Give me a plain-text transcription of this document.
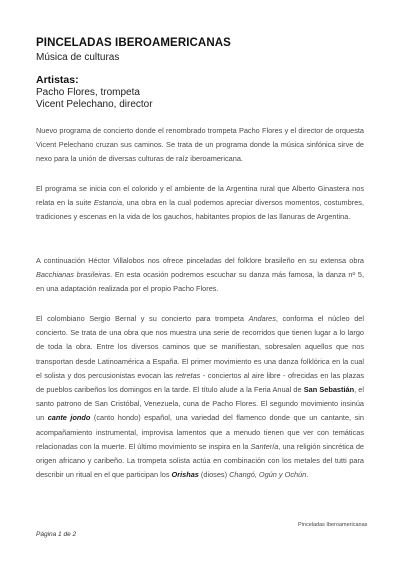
PINCELADAS IBEROAMERICANAS
Música de culturas
Artistas:
Pacho Flores, trompeta
Vicent Pelechano, director
Nuevo programa de concierto donde el renombrado trompeta Pacho Flores y el director de orquesta Vicent Pelechano cruzan sus caminos. Se trata de un programa donde la música sinfónica sirve de nexo para la unión de diversas culturas de raíz iberoamericana.
El programa se inicia con el colorido y el ambiente de la Argentina rural que Alberto Ginastera nos relata en la suite Estancia, una obra en la cual podemos apreciar diversos momentos, costumbres, tradiciones y escenas en la vida de los gauchos, habitantes propios de las llanuras de Argentina.
A continuación Héctor Villalobos nos ofrece pinceladas del folklore brasileño en su extensa obra Bacchianas brasileiras. En esta ocasión podremos escuchar su danza más famosa, la danza nº 5, en una adaptación realizada por el propio Pacho Flores.
El colombiano Sergio Bernal y su concierto para trompeta Andares, conforma el núcleo del concierto. Se trata de una obra que nos muestra una serie de recorridos que tienen lugar a lo largo de toda la obra. Entre los diversos caminos que se manifiestan, sobresalen aquellos que nos transportan desde Latinoamérica a España. El primer movimiento es una danza folklórica en la cual el solista y dos percusionistas evocan las retretas - conciertos al aire libre - ofrecidas en las plazas de pueblos caribeños los domingos en la tarde. El título alude a la Feria Anual de San Sebastián, el santo patrono de San Cristóbal, Venezuela, cuna de Pacho Flores. El segundo movimiento insinúa un cante jondo (canto hondo) español, una variedad del flamenco donde que un cantante, sin acompañamiento instrumental, improvisa lamentos que a menudo tienen que ver con temáticas relacionadas con la muerte. El último movimiento se inspira en la Santería, una religión sincrética de origen africano y caribeño. La trompeta solista actúa en combinación con los metales del tutti para describir un ritual en el que participan los Orishas (dioses) Changó, Ogún y Ochún.
Pinceladas Iberoamericanas
Página 1 de 2
